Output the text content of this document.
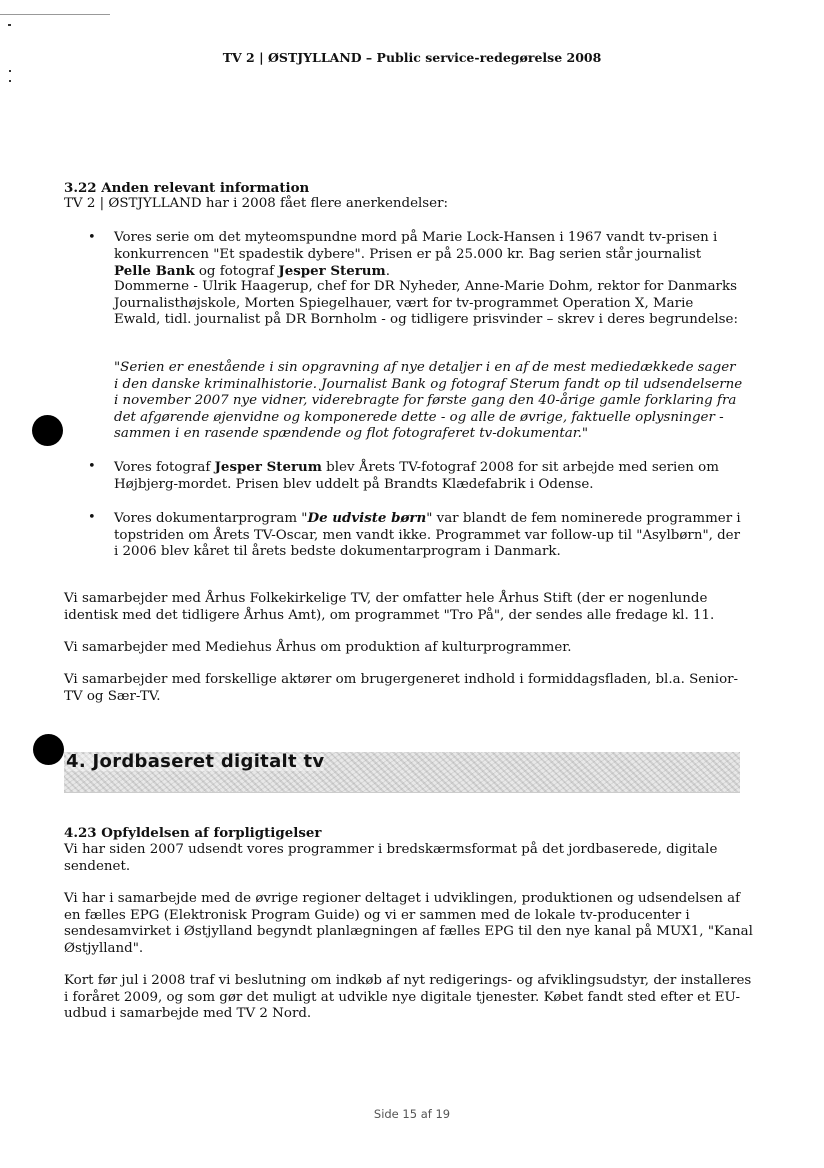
TV 2 | ØSTJYLLAND – Public service-redegørelse 2008
3.22 Anden relevant information
TV 2 | ØSTJYLLAND har i 2008 fået flere anerkendelser:
• Vores serie om det myteomspundne mord på Marie Lock-Hansen i 1967 vandt tv-prisen i konkurrencen "Et spadestik dybere". Prisen er på 25.000 kr. Bag serien står journalist Pelle Bank og fotograf Jesper Sterum.
Dommerne - Ulrik Haagerup, chef for DR Nyheder, Anne-Marie Dohm, rektor for Danmarks Journalisthøjskole, Morten Spiegelhauer, vært for tv-programmet Operation X, Marie Ewald, tidl. journalist på DR Bornholm - og tidligere prisvinder – skrev i deres begrundelse:
"Serien er enestående i sin opgravning af nye detaljer i en af de mest mediedækkede sager i den danske kriminalhistorie. Journalist Bank og fotograf Sterum fandt op til udsendelserne i november 2007 nye vidner, viderebragte for første gang den 40-årige gamle forklaring fra det afgørende øjenvidne og komponerede dette - og alle de øvrige, faktuelle oplysninger - sammen i en rasende spændende og flot fotograferet tv-dokumentar."
• Vores fotograf Jesper Sterum blev Årets TV-fotograf 2008 for sit arbejde med serien om Højbjerg-mordet. Prisen blev uddelt på Brandts Klædefabrik i Odense.
• Vores dokumentarprogram "De udviste børn" var blandt de fem nominerede programmer i topstriden om Årets TV-Oscar, men vandt ikke. Programmet var follow-up til "Asylbørn", der i 2006 blev kåret til årets bedste dokumentarprogram i Danmark.
Vi samarbejder med Århus Folkekirkelige TV, der omfatter hele Århus Stift (der er nogenlunde identisk med det tidligere Århus Amt), om programmet "Tro På", der sendes alle fredage kl. 11.
Vi samarbejder med Mediehus Århus om produktion af kulturprogrammer.
Vi samarbejder med forskellige aktører om brugergeneret indhold i formiddagsfladen, bl.a. Senior-TV og Sær-TV.
4. Jordbaseret digitalt tv
4.23 Opfyldelsen af forpligtigelser
Vi har siden 2007 udsendt vores programmer i bredskærmsformat på det jordbaserede, digitale sendenet.
Vi har i samarbejde med de øvrige regioner deltaget i udviklingen, produktionen og udsendelsen af en fælles EPG (Elektronisk Program Guide) og vi er sammen med de lokale tv-producenter i sendesamvirket i Østjylland begyndt planlægningen af fælles EPG til den nye kanal på MUX1, "Kanal Østjylland".
Kort før jul i 2008 traf vi beslutning om indkøb af nyt redigerings- og afviklingsudstyr, der installeres i foråret 2009, og som gør det muligt at udvikle nye digitale tjenester. Købet fandt sted efter et EU-udbud i samarbejde med TV 2 Nord.
Side 15 af 19
